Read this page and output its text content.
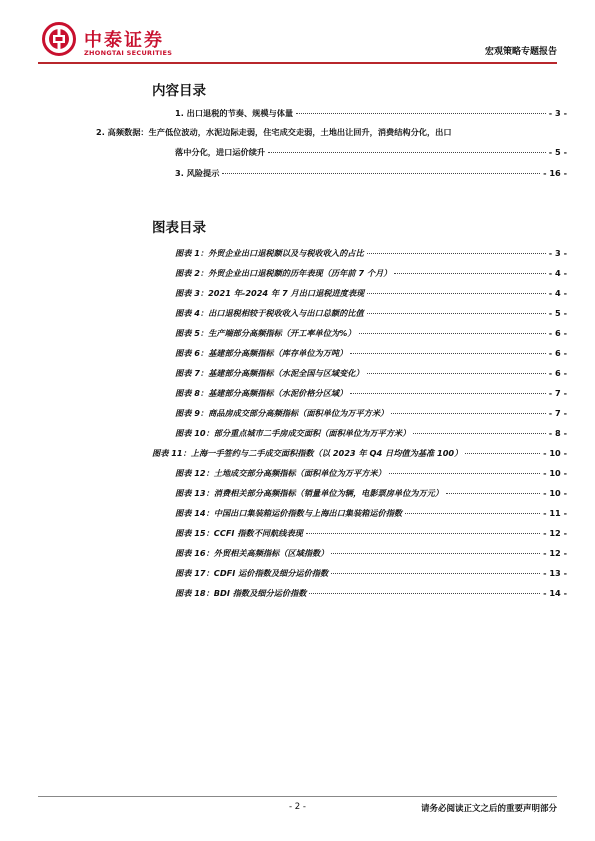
中泰证券
ZHONGTAI SECURITIES	宏观策略专题报告
内容目录
1. 出口退税的节奏、规模与体量	- 3 -
2. 高频数据：生产低位波动，水泥边际走弱，住宅成交走弱，土地出让回升，消费结构分化，出口
落中分化，进口运价续升	- 5 -
3. 风险提示	- 16 -
图表目录
图表 1：外贸企业出口退税额以及与税收收入的占比	- 3 -
图表 2：外贸企业出口退税额的历年表现（历年前 7 个月）	- 4 -
图表 3：2021 年-2024 年 7 月出口退税进度表现	- 4 -
图表 4：出口退税相较于税收收入与出口总额的比值	- 5 -
图表 5：生产端部分高频指标（开工率单位为%）	- 6 -
图表 6：基建部分高频指标（库存单位为万吨）	- 6 -
图表 7：基建部分高频指标（水泥全国与区域变化）	- 6 -
图表 8：基建部分高频指标（水泥价格分区域）	- 7 -
图表 9：商品房成交部分高频指标（面积单位为万平方米）	- 7 -
图表 10：部分重点城市二手房成交面积（面积单位为万平方米）	- 8 -
图表 11：上海一手签约与二手成交面积指数（以 2023 年 Q4 日均值为基准 100）	- 10 -
图表 12：土地成交部分高频指标（面积单位为万平方米）	- 10 -
图表 13：消费相关部分高频指标（销量单位为辆，电影票房单位为万元）	- 10 -
图表 14：中国出口集装箱运价指数与上海出口集装箱运价指数	- 11 -
图表 15：CCFI 指数不同航线表现	- 12 -
图表 16：外贸相关高频指标（区域指数）	- 12 -
图表 17：CDFI 运价指数及细分运价指数	- 13 -
图表 18：BDI 指数及细分运价指数	- 14 -
- 2 -	请务必阅读正文之后的重要声明部分
